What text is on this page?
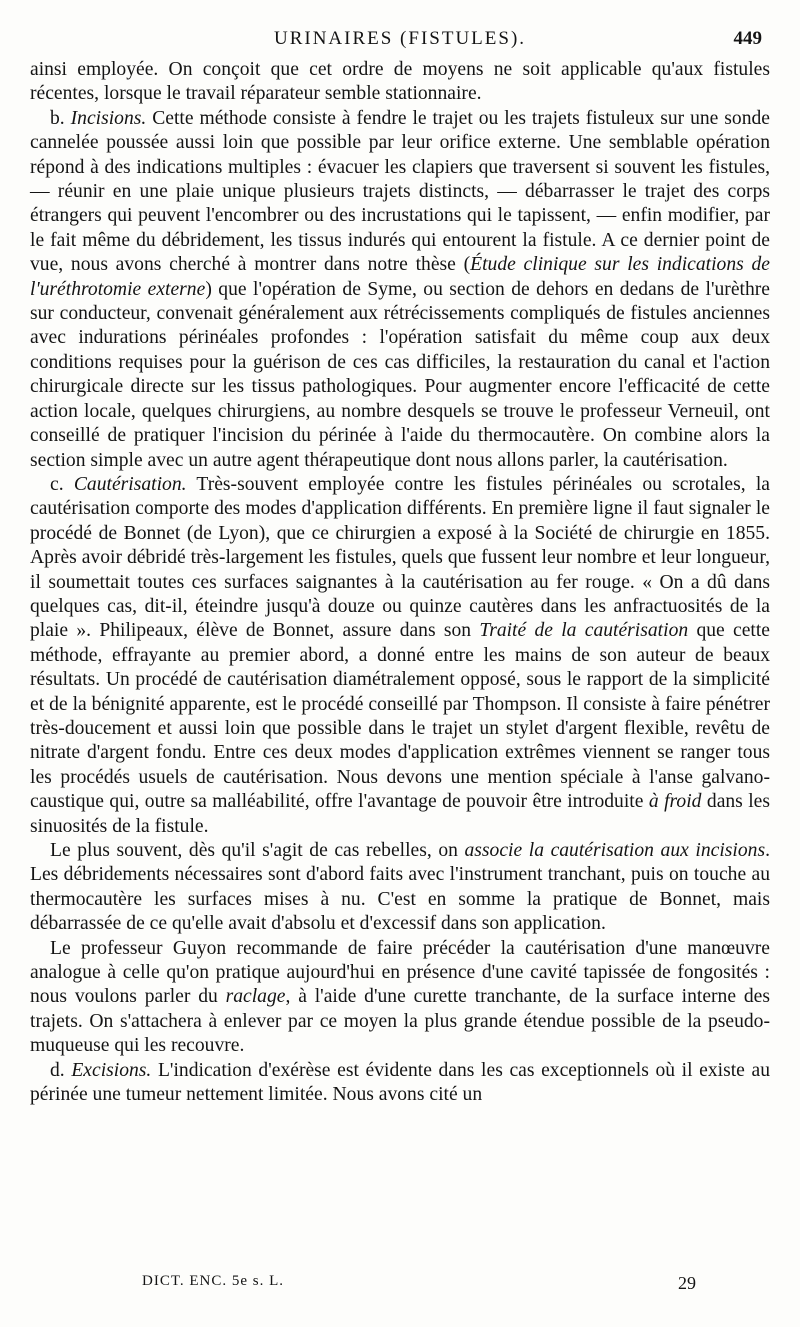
URINAIRES (FISTULES).	449

ainsi employée. On conçoit que cet ordre de moyens ne soit applicable qu'aux fistules récentes, lorsque le travail réparateur semble stationnaire.

b. Incisions. Cette méthode consiste à fendre le trajet ou les trajets fistuleux sur une sonde cannelée poussée aussi loin que possible par leur orifice externe. Une semblable opération répond à des indications multiples : évacuer les clapiers que traversent si souvent les fistules, — réunir en une plaie unique plusieurs trajets distincts, — débarrasser le trajet des corps étrangers qui peuvent l'encombrer ou des incrustations qui le tapissent, — enfin modifier, par le fait même du débridement, les tissus indurés qui entourent la fistule. A ce dernier point de vue, nous avons cherché à montrer dans notre thèse (Étude clinique sur les indications de l'uréthrotomie externe) que l'opération de Syme, ou section de dehors en dedans de l'urèthre sur conducteur, convenait généralement aux rétrécissements compliqués de fistules anciennes avec indurations périnéales profondes : l'opération satisfait du même coup aux deux conditions requises pour la guérison de ces cas difficiles, la restauration du canal et l'action chirurgicale directe sur les tissus pathologiques. Pour augmenter encore l'efficacité de cette action locale, quelques chirurgiens, au nombre desquels se trouve le professeur Verneuil, ont conseillé de pratiquer l'incision du périnée à l'aide du thermocautère. On combine alors la section simple avec un autre agent thérapeutique dont nous allons parler, la cautérisation.

c. Cautérisation. Très-souvent employée contre les fistules périnéales ou scrotales, la cautérisation comporte des modes d'application différents. En première ligne il faut signaler le procédé de Bonnet (de Lyon), que ce chirurgien a exposé à la Société de chirurgie en 1855. Après avoir débridé très-largement les fistules, quels que fussent leur nombre et leur longueur, il soumettait toutes ces surfaces saignantes à la cautérisation au fer rouge. « On a dû dans quelques cas, dit-il, éteindre jusqu'à douze ou quinze cautères dans les anfractuosités de la plaie ». Philipeaux, élève de Bonnet, assure dans son Traité de la cautérisation que cette méthode, effrayante au premier abord, a donné entre les mains de son auteur de beaux résultats. Un procédé de cautérisation diamétralement opposé, sous le rapport de la simplicité et de la bénignité apparente, est le procédé conseillé par Thompson. Il consiste à faire pénétrer très-doucement et aussi loin que possible dans le trajet un stylet d'argent flexible, revêtu de nitrate d'argent fondu. Entre ces deux modes d'application extrêmes viennent se ranger tous les procédés usuels de cautérisation. Nous devons une mention spéciale à l'anse galvano-caustique qui, outre sa malléabilité, offre l'avantage de pouvoir être introduite à froid dans les sinuosités de la fistule.

Le plus souvent, dès qu'il s'agit de cas rebelles, on associe la cautérisation aux incisions. Les débridements nécessaires sont d'abord faits avec l'instrument tranchant, puis on touche au thermocautère les surfaces mises à nu. C'est en somme la pratique de Bonnet, mais débarrassée de ce qu'elle avait d'absolu et d'excessif dans son application.

Le professeur Guyon recommande de faire précéder la cautérisation d'une manœuvre analogue à celle qu'on pratique aujourd'hui en présence d'une cavité tapissée de fongosités : nous voulons parler du raclage, à l'aide d'une curette tranchante, de la surface interne des trajets. On s'attachera à enlever par ce moyen la plus grande étendue possible de la pseudo-muqueuse qui les recouvre.

d. Excisions. L'indication d'exérèse est évidente dans les cas exceptionnels où il existe au périnée une tumeur nettement limitée. Nous avons cité un

DICT. ENC. 5e s. L.	29
